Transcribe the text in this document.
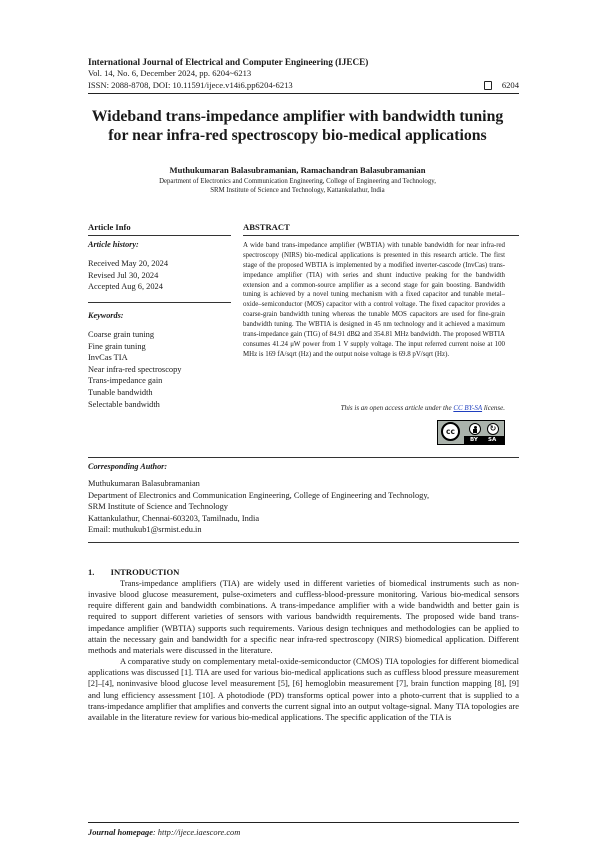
International Journal of Electrical and Computer Engineering (IJECE)
Vol. 14, No. 6, December 2024, pp. 6204~6213
ISSN: 2088-8708, DOI: 10.11591/ijece.v14i6.pp6204-6213	6204
Wideband trans-impedance amplifier with bandwidth tuning
for near infra-red spectroscopy bio-medical applications
Muthukumaran Balasubramanian, Ramachandran Balasubramanian
Department of Electronics and Communication Engineering, College of Engineering and Technology,
SRM Institute of Science and Technology, Kattankulathur, India
Article Info
Article history:
Received May 20, 2024
Revised Jul 30, 2024
Accepted Aug 6, 2024
Keywords:
Coarse grain tuning
Fine grain tuning
InvCas TIA
Near infra-red spectroscopy
Trans-impedance gain
Tunable bandwidth
Selectable bandwidth
ABSTRACT
A wide band trans-impedance amplifier (WBTIA) with tunable bandwidth for near infra-red spectroscopy (NIRS) bio-medical applications is presented in this research article. The first stage of the proposed WBTIA is implemented by a modified inverter-cascode (InvCas) trans-impedance amplifier (TIA) with series and shunt inductive peaking for the bandwidth extension and a common-source amplifier as a second stage for gain boosting. Bandwidth tuning is achieved by a novel tuning mechanism with a fixed capacitor and tunable metal–oxide–semiconductor (MOS) capacitor with a control voltage. The fixed capacitor provides a coarse-grain bandwidth tuning whereas the tunable MOS capacitors are used for fine-grain bandwidth tuning. The WBTIA is designed in 45 nm technology and it achieved a maximum trans-impedance gain (TIG) of 84.91 dBΩ and 354.81 MHz bandwidth. The proposed WBTIA consumes 41.24 μW power from 1 V supply voltage. The input referred current noise at 100 MHz is 169 fA/sqrt (Hz) and the output noise voltage is 69.8 pV/sqrt (Hz).
This is an open access article under the CC BY-SA license.
cc	↻
BY SA
Corresponding Author:
Muthukumaran Balasubramanian
Department of Electronics and Communication Engineering, College of Engineering and Technology,
SRM Institute of Science and Technology
Kattankulathur, Chennai-603203, Tamilnadu, India
Email: muthukub1@srmist.edu.in
1. INTRODUCTION

Trans-impedance amplifiers (TIA) are widely used in different varieties of biomedical instruments such as non-invasive blood glucose measurement, pulse-oximeters and cuffless-blood-pressure monitoring. Various bio-medical sensors require different gain and bandwidth combinations. A trans-impedance amplifier with a wide bandwidth and better gain is required to support different varieties of sensors with various bandwidth requirements. The proposed wide band trans-impedance amplifier (WBTIA) supports such requirements. Various design techniques and methodologies can be applied to attain the necessary gain and bandwidth for a specific near infra-red spectroscopy (NIRS) biomedical application. Different methods and materials were discussed in the literature.

A comparative study on complementary metal-oxide-semiconductor (CMOS) TIA topologies for different biomedical applications was discussed [1]. TIA are used for various bio-medical applications such as cuffless blood pressure measurement [2]–[4], noninvasive blood glucose level measurement [5], [6] hemoglobin measurement [7], brain function mapping [8], [9] and lung efficiency assessment [10]. A photodiode (PD) transforms optical power into a photo-current that is supplied to a trans-impedance amplifier that amplifies and converts the current signal into an output voltage-signal. Many TIA topologies are available in the literature review for various bio-medical applications. The specific application of the TIA is

Journal homepage: http://ijece.iaescore.com
